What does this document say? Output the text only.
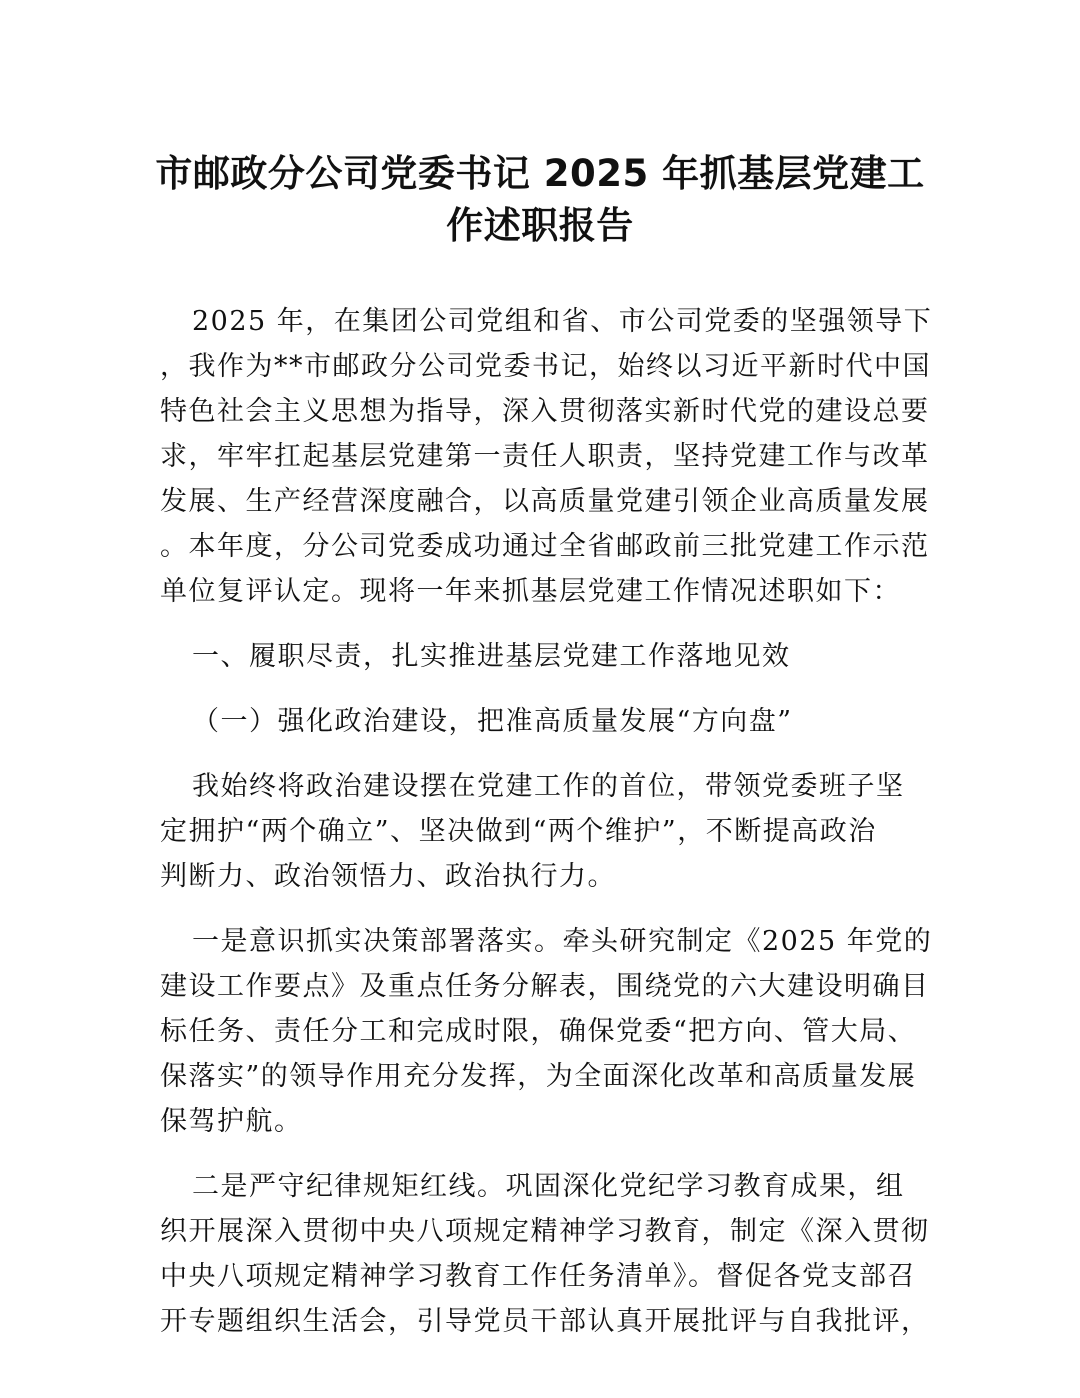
市邮政分公司党委书记 2025 年抓基层党建工
作述职报告

2025 年，在集团公司党组和省、市公司党委的坚强领导下
，我作为**市邮政分公司党委书记，始终以习近平新时代中国
特色社会主义思想为指导，深入贯彻落实新时代党的建设总要
求，牢牢扛起基层党建第一责任人职责，坚持党建工作与改革
发展、生产经营深度融合，以高质量党建引领企业高质量发展
。本年度，分公司党委成功通过全省邮政前三批党建工作示范
单位复评认定。现将一年来抓基层党建工作情况述职如下：

一、履职尽责，扎实推进基层党建工作落地见效

（一）强化政治建设，把准高质量发展“方向盘”

我始终将政治建设摆在党建工作的首位，带领党委班子坚
定拥护“两个确立”、坚决做到“两个维护”，不断提高政治
判断力、政治领悟力、政治执行力。

一是意识抓实决策部署落实。牵头研究制定《2025 年党的
建设工作要点》及重点任务分解表，围绕党的六大建设明确目
标任务、责任分工和完成时限，确保党委“把方向、管大局、
保落实”的领导作用充分发挥，为全面深化改革和高质量发展
保驾护航。

二是严守纪律规矩红线。巩固深化党纪学习教育成果，组
织开展深入贯彻中央八项规定精神学习教育，制定《深入贯彻
中央八项规定精神学习教育工作任务清单》。督促各党支部召
开专题组织生活会，引导党员干部认真开展批评与自我批评，
